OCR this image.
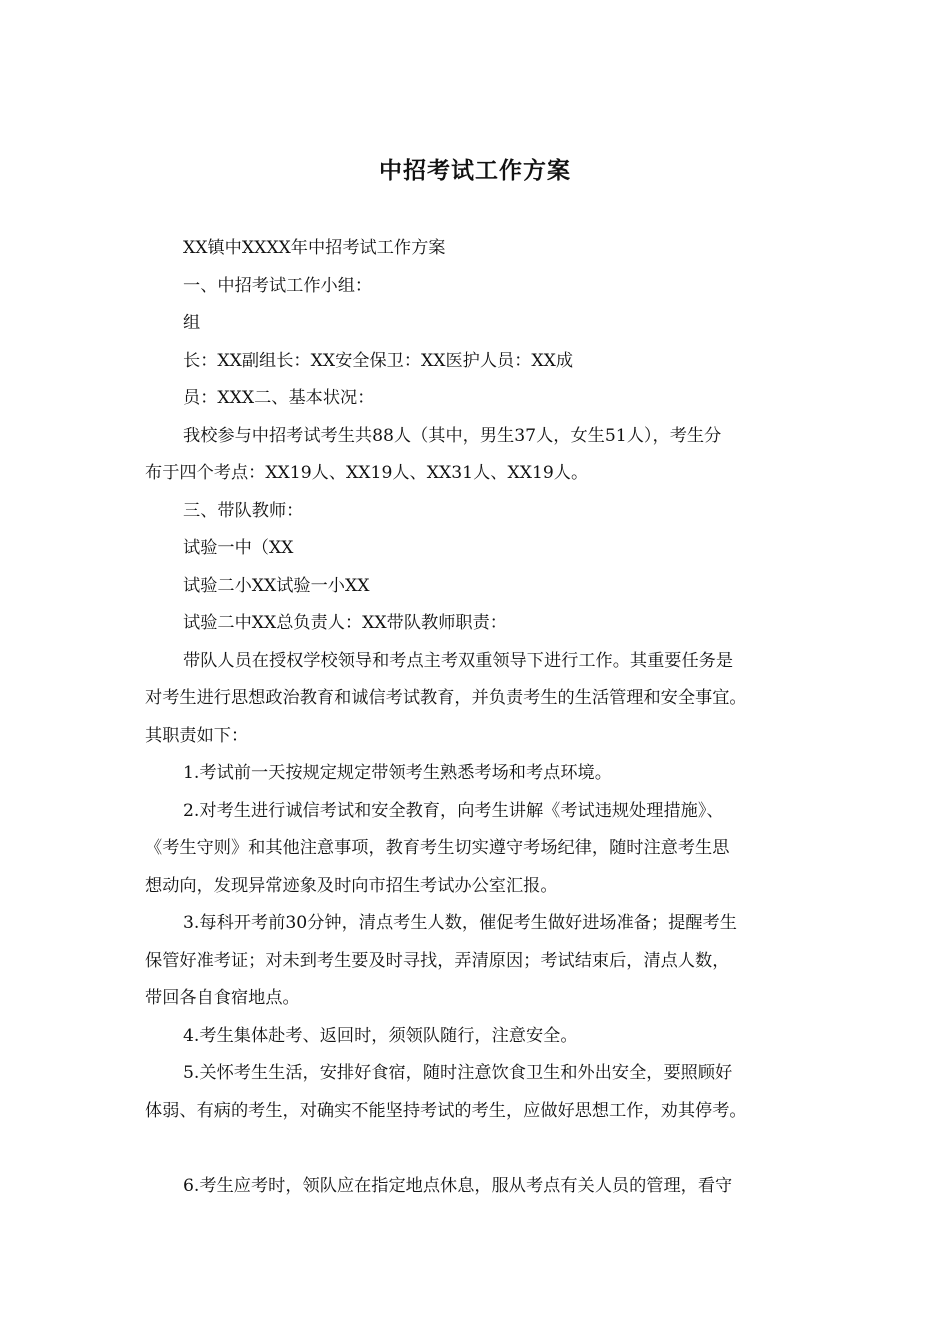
中招考试工作方案
XX镇中XXXX年中招考试工作方案
一、中招考试工作小组：
组
长：XX副组长：XX安全保卫：XX医护人员：XX成
员：XXX二、基本状况：
我校参与中招考试考生共88人（其中，男生37人，女生51人），考生分
布于四个考点：XX19人、XX19人、XX31人、XX19人。
三、带队教师：
试验一中（XX
试验二小XX试验一小XX
试验二中XX总负责人：XX带队教师职责：
带队人员在授权学校领导和考点主考双重领导下进行工作。其重要任务是
对考生进行思想政治教育和诚信考试教育，并负责考生的生活管理和安全事宜。
其职责如下：
1.考试前一天按规定规定带领考生熟悉考场和考点环境。
2.对考生进行诚信考试和安全教育，向考生讲解《考试违规处理措施》、
《考生守则》和其他注意事项，教育考生切实遵守考场纪律，随时注意考生思
想动向，发现异常迹象及时向市招生考试办公室汇报。
3.每科开考前30分钟，清点考生人数，催促考生做好进场准备；提醒考生
保管好准考证；对未到考生要及时寻找，弄清原因；考试结束后，清点人数，
带回各自食宿地点。
4.考生集体赴考、返回时，须领队随行，注意安全。
5.关怀考生生活，安排好食宿，随时注意饮食卫生和外出安全，要照顾好
体弱、有病的考生，对确实不能坚持考试的考生，应做好思想工作，劝其停考。
6.考生应考时，领队应在指定地点休息，服从考点有关人员的管理，看守
